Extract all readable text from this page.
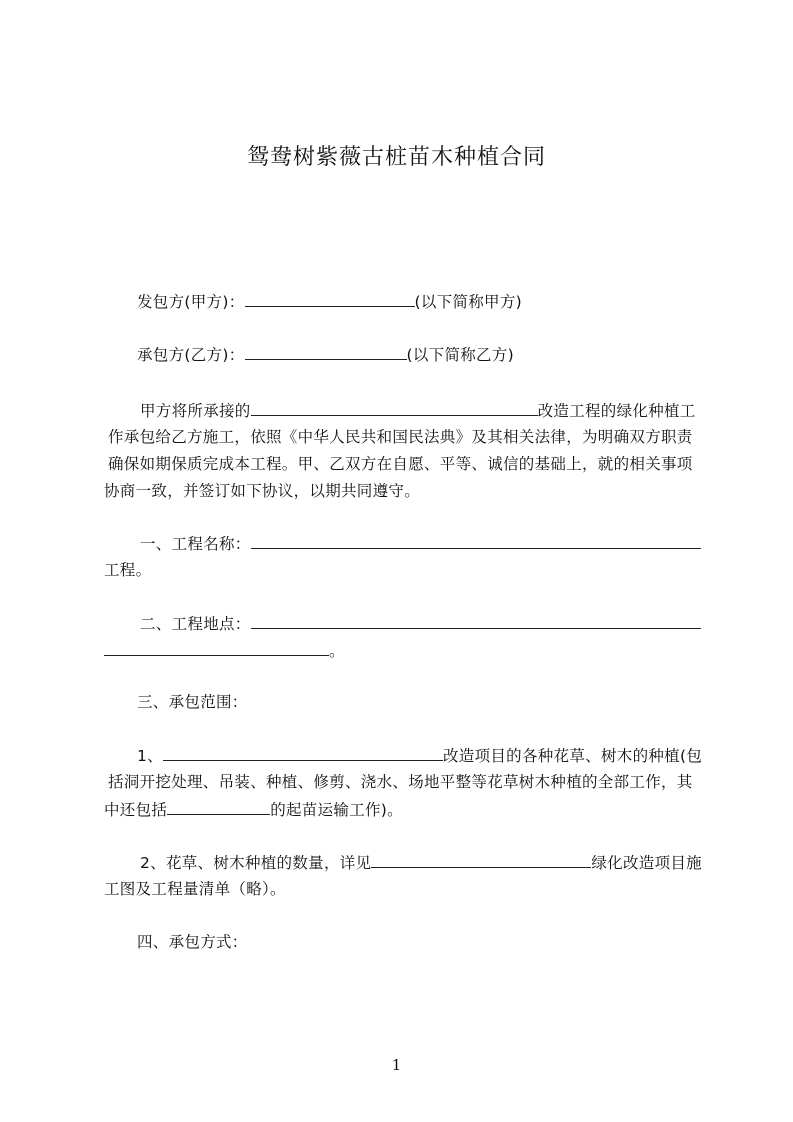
鸳鸯树紫薇古桩苗木种植合同
发包方(甲方)：	(以下简称甲方)
承包方(乙方)：	(以下简称乙方)
甲方将所承接的	改造工程的绿化种植工
作承包给乙方施工，依照《中华人民共和国民法典》及其相关法律，为明确双方职责
确保如期保质完成本工程。甲、乙双方在自愿、平等、诚信的基础上，就的相关事项
协商一致，并签订如下协议，以期共同遵守。
一、工程名称：
工程。
二、工程地点：
。
三、承包范围：
1、	改造项目的各种花草、树木的种植(包
括洞开挖处理、吊装、种植、修剪、浇水、场地平整等花草树木种植的全部工作，其
中还包括	的起苗运输工作)。
2、花草、树木种植的数量，详见	绿化改造项目施
工图及工程量清单（略）。
四、承包方式：
1
